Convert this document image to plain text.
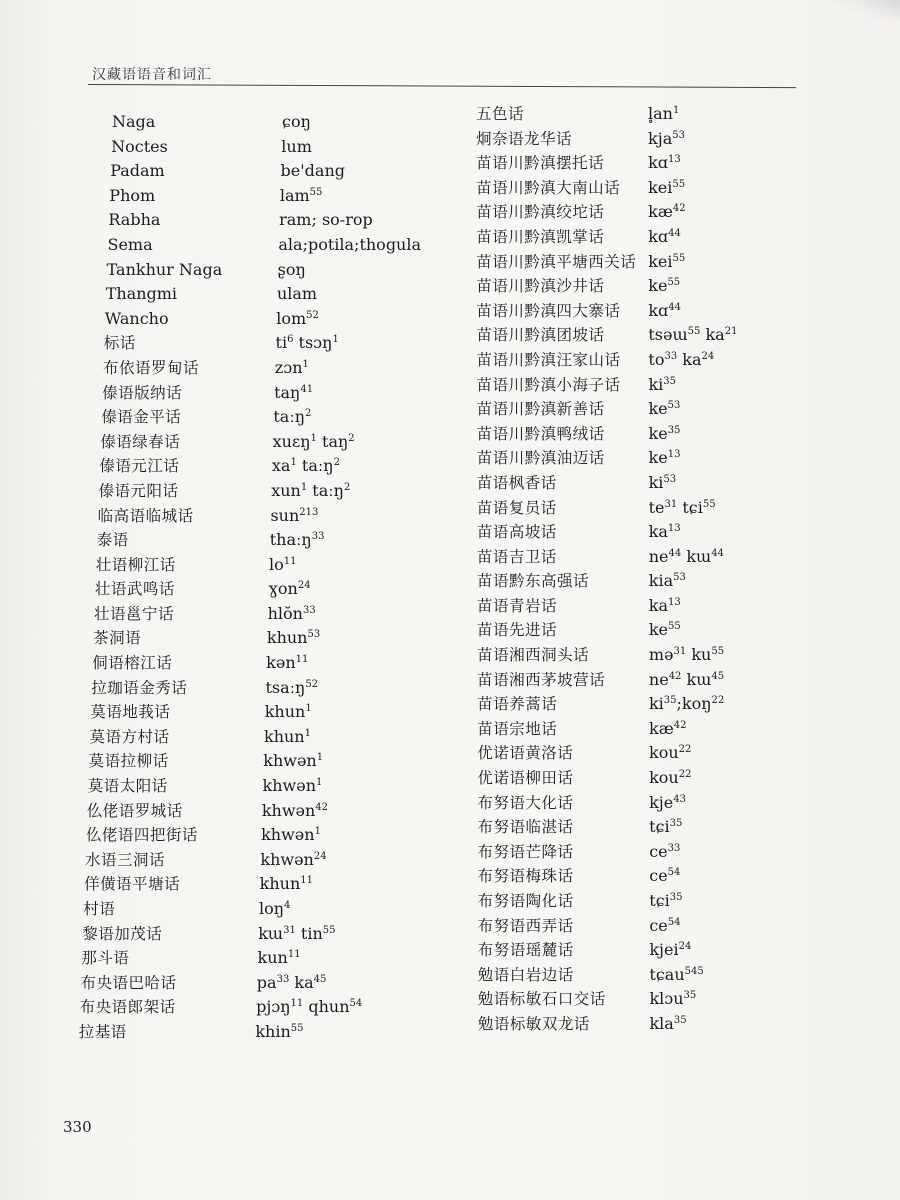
汉藏语语音和词汇
Naga	ɕoŋ
Noctes	lum
Padam	be'dang
Phom	lam$^{55}$
Rabha	ram; so-rop
Sema	ala;potila;thogula
Tankhur Naga	ʂoŋ
Thangmi	ulam
Wancho	lom$^{52}$
标话	$ti^6$ tsɔŋ$^1$
布依语罗甸话	zɔn$^1$
傣语版纳话	taŋ$^{41}$
傣语金平话	taːŋ$^2$
傣语绿春话	xuɛŋ$^1$ taŋ$^2$
傣语元江话	$xa^1$ taːŋ$^2$
傣语元阳话	xun$^1$ taːŋ$^2$
临高语临城话	sun$^{213}$
泰语	thaːŋ$^{33}$
壮语柳江话	$lo^{11}$
壮语武鸣话	ɣon$^{24}$
壮语邕宁话	hlŏn$^{33}$
茶洞语	khun$^{53}$
侗语榕江话	kən$^{11}$
拉珈语金秀话	tsaːŋ$^{52}$
莫语地莪话	khun$^1$
莫语方村话	khun$^1$
莫语拉柳话	khwən$^1$
莫语太阳话	khwən$^1$
仫佬语罗城话	khwən$^{42}$
仫佬语四把街话	khwən$^1$
水语三洞话	khwən$^{24}$
佯僙语平塘话	khun$^{11}$
村语	loŋ$^4$
黎语加茂话	kɯ$^{31}$ tin$^{55}$
那斗语	kun$^{11}$
布央语巴哈话	$pa^{33}$ $ka^{45}$
布央语郎架话	pjɔŋ$^{11}$ qhun$^{54}$
拉基语	khin$^{55}$
五色话	$l̥an^1$
炯奈语龙华话	kja$^{53}$
苗语川黔滇摆托话	kɑ$^{13}$
苗语川黔滇大南山话 kei$^{55}$
苗语川黔滇绞坨话	$kæ^{42}$
苗语川黔滇凯掌话	kɑ$^{44}$
苗语川黔滇平塘西关话 kei$^{55}$
苗语川黔滇沙井话	$ke^{55}$
苗语川黔滇四大寨话 kɑ$^{44}$
苗语川黔滇团坡话	tsəɯ$^{55}$ $ka^{21}$
苗语川黔滇汪家山话 $to^{33}$ $ka^{24}$
苗语川黔滇小海子话 $ki^{35}$
苗语川黔滇新善话	$ke^{53}$
苗语川黔滇鸭绒话	$ke^{35}$
苗语川黔滇油迈话	$ke^{13}$
苗语枫香话	$ki^{53}$
苗语复员话	$te^{31}$ tɕi$^{55}$
苗语高坡话	$ka^{13}$
苗语吉卫话	$ne^{44}$ kɯ$^{44}$
苗语黔东高强话	kia$^{53}$
苗语青岩话	$ka^{13}$
苗语先进话	$ke^{55}$
苗语湘西洞头话	mə$^{31}$ $ku^{55}$
苗语湘西茅坡营话	$ne^{42}$ kɯ$^{45}$
苗语养蒿话	$ki^{35};koŋ^{22}$
苗语宗地话	$kæ^{42}$
优诺语黄洛话	kou$^{22}$
优诺语柳田话	kou$^{22}$
布努语大化话	kje$^{43}$
布努语临湛话	tɕi$^{35}$
布努语芒降话	$ce^{33}$
布努语梅珠话	$ce^{54}$
布努语陶化话	tɕi$^{35}$
布努语西弄话	$ce^{54}$
布努语瑶麓话	kjei$^{24}$
勉语白岩边话	tɕau$^{545}$
勉语标敏石口交话	klɔu$^{35}$
勉语标敏双龙话	kla$^{35}$
330
